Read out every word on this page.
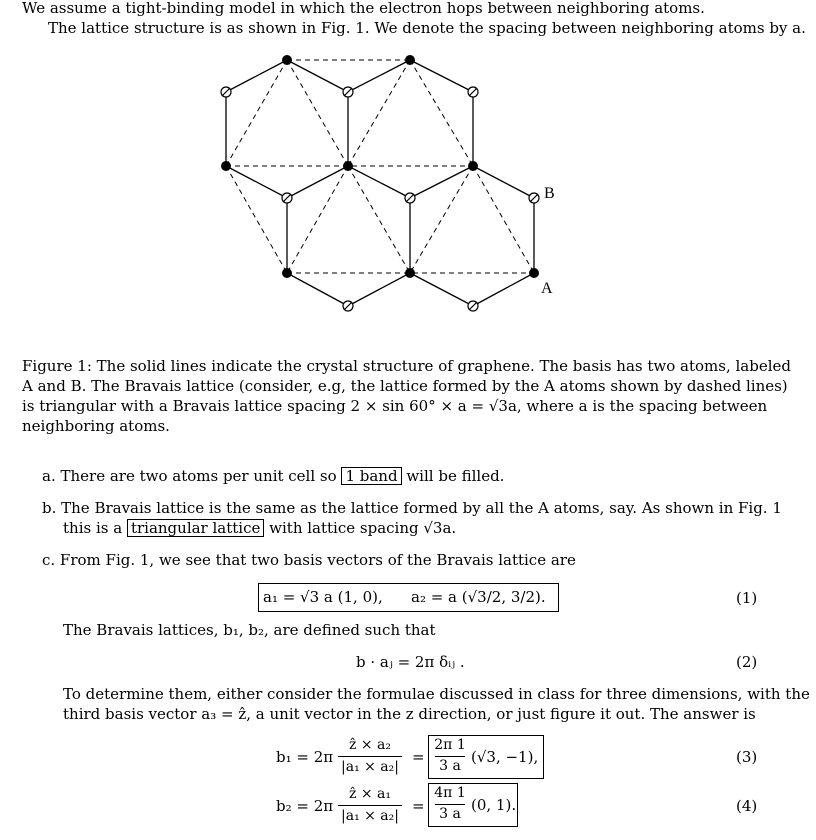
We assume a tight-binding model in which the electron hops between neighboring atoms.
The lattice structure is as shown in Fig. 1. We denote the spacing between neighboring atoms by a.
B
A
Figure 1: The solid lines indicate the crystal structure of graphene. The basis has two atoms, labeled
A and B. The Bravais lattice (consider, e.g, the lattice formed by the A atoms shown by dashed lines)
is triangular with a Bravais lattice spacing 2 × sin 60° × a = √3a, where a is the spacing between
neighboring atoms.
a. There are two atoms per unit cell so 1 band will be filled.
b. The Bravais lattice is the same as the lattice formed by all the A atoms, say. As shown in Fig. 1
this is a triangular lattice with lattice spacing √3a.
c. From Fig. 1, we see that two basis vectors of the Bravais lattice are
a₁ = √3 a (1, 0), a₂ = a (√3/2, 3/2).	(1)
The Bravais lattices, b₁, b₂, are defined such that
b · aⱼ = 2π δᵢⱼ .	(2)
To determine them, either consider the formulae discussed in class for three dimensions, with the
third basis vector a₃ = ẑ, a unit vector in the z direction, or just figure it out. The answer is
b₁ = 2π
ẑ × a₂
|a₁ × a₂|
=
2π 1
3 a (√3, −1),	(3)
b₂ = 2π
ẑ × a₁
|a₁ × a₂|
=
4π 1
3 a (0, 1).	(4)
